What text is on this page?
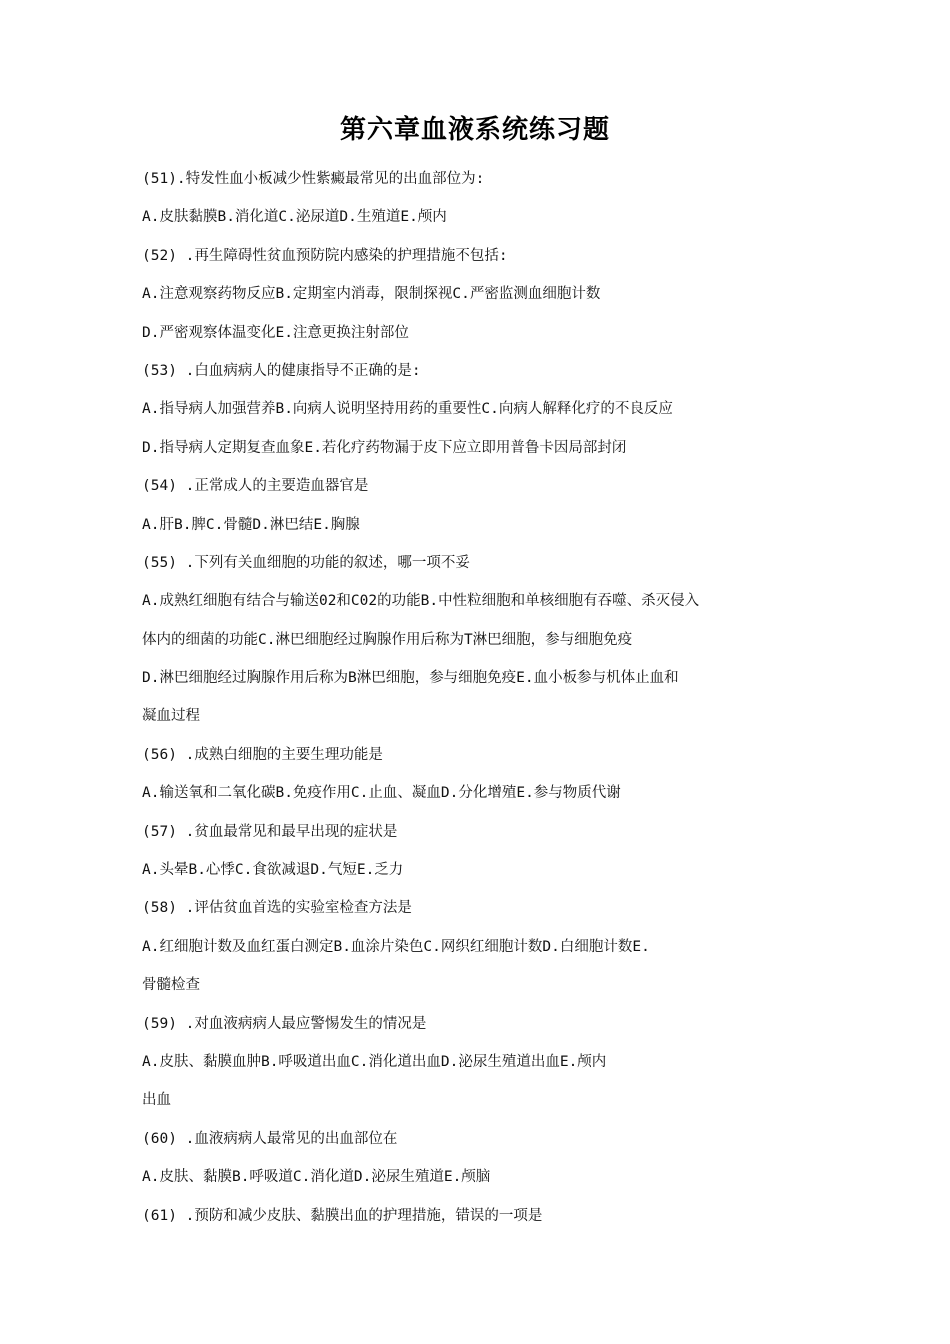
第六章血液系统练习题
(51).特发性血小板减少性紫癜最常见的出血部位为:
A.皮肤黏膜B.消化道C.泌尿道D.生殖道E.颅内
(52) .再生障碍性贫血预防院内感染的护理措施不包括:
A.注意观察药物反应B.定期室内消毒，限制探视C.严密监测血细胞计数
D.严密观察体温变化E.注意更换注射部位
(53) .白血病病人的健康指导不正确的是:
A.指导病人加强营养B.向病人说明坚持用药的重要性C.向病人解释化疗的不良反应
D.指导病人定期复查血象E.若化疗药物漏于皮下应立即用普鲁卡因局部封闭
(54) .正常成人的主要造血器官是
A.肝B.脾C.骨髓D.淋巴结E.胸腺
(55) .下列有关血细胞的功能的叙述，哪一项不妥
A.成熟红细胞有结合与输送02和C02的功能B.中性粒细胞和单核细胞有吞噬、杀灭侵入
体内的细菌的功能C.淋巴细胞经过胸腺作用后称为T淋巴细胞，参与细胞免疫
D.淋巴细胞经过胸腺作用后称为B淋巴细胞，参与细胞免疫E.血小板参与机体止血和
凝血过程
(56) .成熟白细胞的主要生理功能是
A.输送氧和二氧化碳B.免疫作用C.止血、凝血D.分化增殖E.参与物质代谢
(57) .贫血最常见和最早出现的症状是
A.头晕B.心悸C.食欲减退D.气短E.乏力
(58) .评估贫血首选的实验室检查方法是
A.红细胞计数及血红蛋白测定B.血涂片染色C.网织红细胞计数D.白细胞计数E.
骨髓检查
(59) .对血液病病人最应警惕发生的情况是
A.皮肤、黏膜血肿B.呼吸道出血C.消化道出血D.泌尿生殖道出血E.颅内
出血
(60) .血液病病人最常见的出血部位在
A.皮肤、黏膜B.呼吸道C.消化道D.泌尿生殖道E.颅脑
(61) .预防和减少皮肤、黏膜出血的护理措施，错误的一项是
